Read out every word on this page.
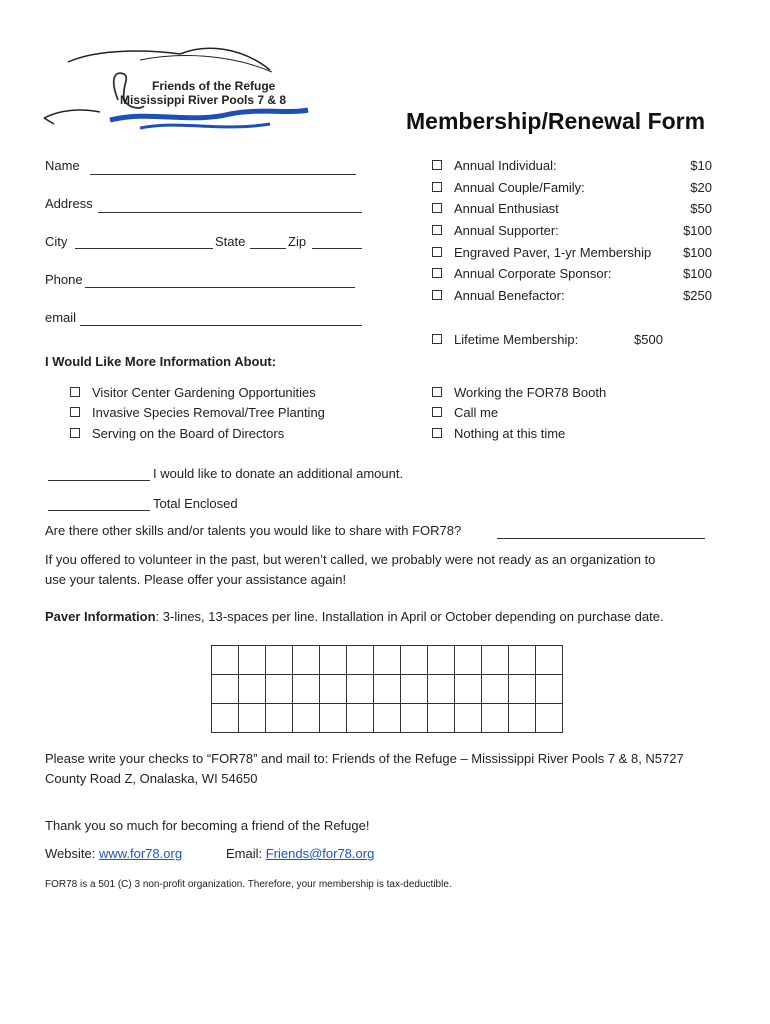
Friends of the Refuge
Mississippi River Pools 7 & 8
Membership/Renewal Form
Name
Address
City	State	Zip
Phone
email
Annual Individual:	$10
Annual Couple/Family:	$20
Annual Enthusiast	$50
Annual Supporter:	$100
Engraved Paver, 1-yr Membership	$100
Annual Corporate Sponsor:	$100
Annual Benefactor:	$250
Lifetime Membership:	$500
I Would Like More Information About:
Visitor Center Gardening Opportunities
Invasive Species Removal/Tree Planting
Serving on the Board of Directors
Working the FOR78 Booth
Call me
Nothing at this time
I would like to donate an additional amount.
Total Enclosed
Are there other skills and/or talents you would like to share with FOR78?
If you offered to volunteer in the past, but weren’t called, we probably were not ready as an organization to
use your talents. Please offer your assistance again!
Paver Information: 3-lines, 13-spaces per line. Installation in April or October depending on purchase date.

Please write your checks to “FOR78” and mail to: Friends of the Refuge – Mississippi River Pools 7 & 8, N5727
County Road Z, Onalaska, WI 54650
Thank you so much for becoming a friend of the Refuge!
Website: www.for78.org	Email: Friends@for78.org
FOR78 is a 501 (C) 3 non-profit organization. Therefore, your membership is tax-deductible.
